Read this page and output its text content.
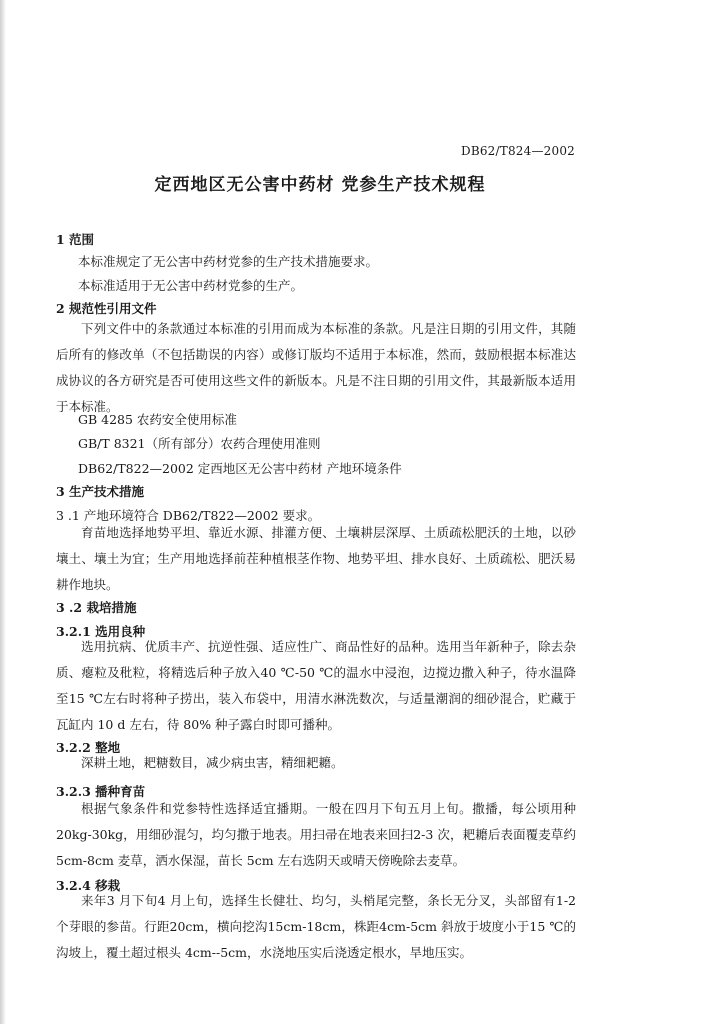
DB62/T824—2002
定西地区无公害中药材 党参生产技术规程
1 范围
本标准规定了无公害中药材党参的生产技术措施要求。
本标准适用于无公害中药材党参的生产。
2 规范性引用文件
下列文件中的条款通过本标准的引用而成为本标准的条款。凡是注日期的引用文件，其随后所有的修改单（不包括勘误的内容）或修订版均不适用于本标准，然而，鼓励根据本标准达成协议的各方研究是否可使用这些文件的新版本。凡是不注日期的引用文件，其最新版本适用于本标准。
GB 4285 农药安全使用标准
GB/T 8321（所有部分）农药合理使用准则
DB62/T822—2002 定西地区无公害中药材 产地环境条件
3 生产技术措施
3 .1 产地环境符合 DB62/T822—2002 要求。
育苗地选择地势平坦、靠近水源、排灌方便、土壤耕层深厚、土质疏松肥沃的土地，以砂壤土、壤土为宜；生产用地选择前茬种植根茎作物、地势平坦、排水良好、土质疏松、肥沃易耕作地块。
3 .2 栽培措施
3.2.1 选用良种
选用抗病、优质丰产、抗逆性强、适应性广、商品性好的品种。选用当年新种子，除去杂质、瘪粒及秕粒，将精选后种子放入40 ℃-50 ℃的温水中浸泡，边搅边撒入种子，待水温降至15 ℃左右时将种子捞出，装入布袋中，用清水淋洗数次，与适量潮润的细砂混合，贮藏于瓦缸内 10 d 左右，待 80% 种子露白时即可播种。
3.2.2 整地
深耕土地，耙糖数目，减少病虫害，精细耙耱。
3.2.3 播种育苗
根据气象条件和党参特性选择适宜播期。一般在四月下旬五月上旬。撒播，每公顷用种20kg-30kg，用细砂混匀，均匀撒于地表。用扫帚在地表来回扫2-3 次，耙耱后表面覆麦草约5cm-8cm 麦草，洒水保湿，苗长 5cm 左右选阴天或晴天傍晚除去麦草。
3.2.4 移栽
来年3 月下旬4 月上旬，选择生长健壮、均匀，头梢尾完整，条长无分叉，头部留有1-2 个芽眼的参苗。行距20cm，横向挖沟15cm-18cm，株距4cm-5cm 斜放于坡度小于15 ℃的沟坡上，覆土超过根头 4cm--5cm，水浇地压实后浇透定根水，旱地压实。
